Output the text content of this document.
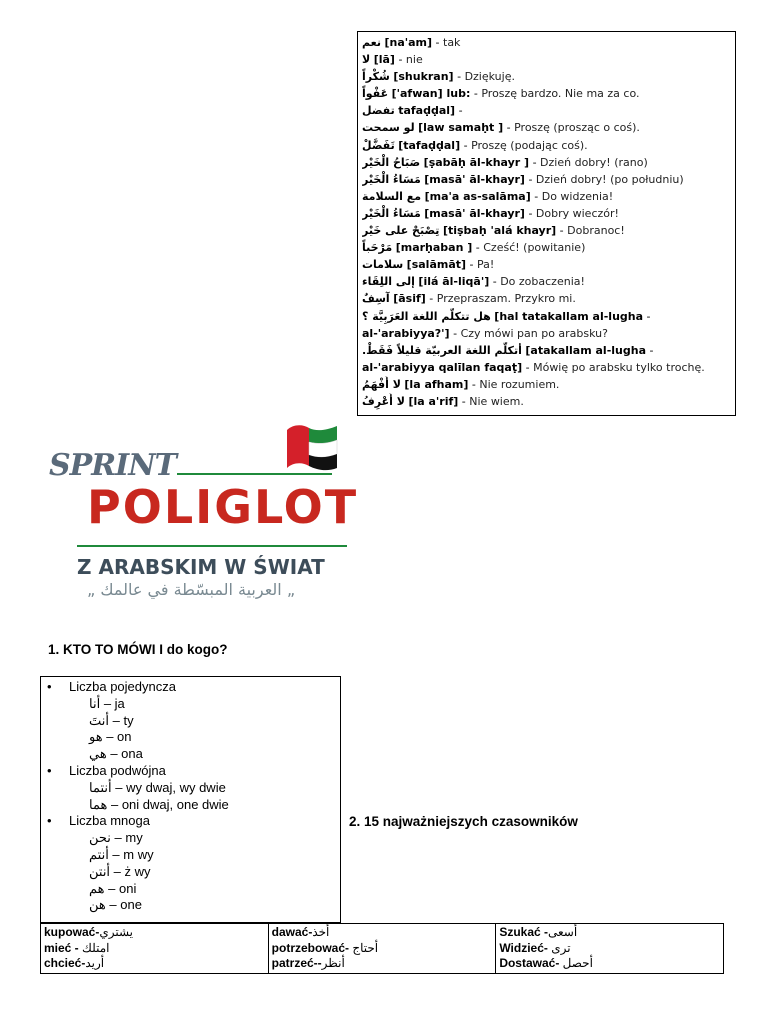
نعم [na'am] - tak
لا [lā] - nie
شُكْراً [shukran] - Dziękuję.
عَفْواً ['afwan] lub: - Proszę bardzo. Nie ma za co.
تفضل tafaḍḍal] -
لو سمحت [law samaḥt ] - Proszę (prosząc o coś).
تَفَضَّلْ [tafaḍḍal] - Proszę (podając coś).
صَبَاحُ الْخَيْر [ṣabāḥ āl-khayr ] - Dzień dobry! (rano)
مَسَاءُ الْخَيْر [masā' āl-khayr] - Dzień dobry! (po południu)
مع السلامة [ma'a as-salāma] - Do widzenia!
مَسَاءُ الْخَيْر [masā' āl-khayr] - Dobry wieczór!
تِصْبَحْ على خَيْر [tiṣbaḥ 'alá khayr] - Dobranoc!
مَرْحَباً [marḥaban ] - Cześć! (powitanie)
سلامات [salāmāt] - Pa!
إلى اللِقَاء [ilá āl-liqā'] - Do zobaczenia!
آسِفٌ [āsif] - Przepraszam. Przykro mi.
هل تتكلّم اللغة العَرَبِيَّة ؟ [hal tatakallam al-lugha -
al-'arabiyya?'] - Czy mówi pan po arabsku?
أتكلّم اللغة العربيّة قليلاً فَقَطْ. [atakallam al-lugha -
al-'arabiyya qalīlan faqaṭ] - Mówię po arabsku tylko trochę.
لا أَفْهَمُ [la afham] - Nie rozumiem.
لا أَعْرِفُ [la a'rif] - Nie wiem.
SPRINT
POLIGLOT
Z ARABSKIM W ŚWIAT
„ العربية المبسّطة في عالمك „
1. KTO TO MÓWI I do kogo?
• Liczba pojedyncza
أنا – ja
أنتَ – ty
هو – on
هي – ona
• Liczba podwójna
أنتما – wy dwaj, wy dwie
هما – oni dwaj, one dwie
• Liczba mnoga
نحن – my
أنتم – m wy
أنتن – ż wy
هم – oni
هن – one
2. 15 najważniejszych czasowników
kupować-يشتري
mieć - امتلك
chcieć-أريد

dawać-أخذ
potrzebować- أحتاج
patrzeć--أنظر

Szukać -أسعى
Widzieć- ترى
Dostawać- أحصل
